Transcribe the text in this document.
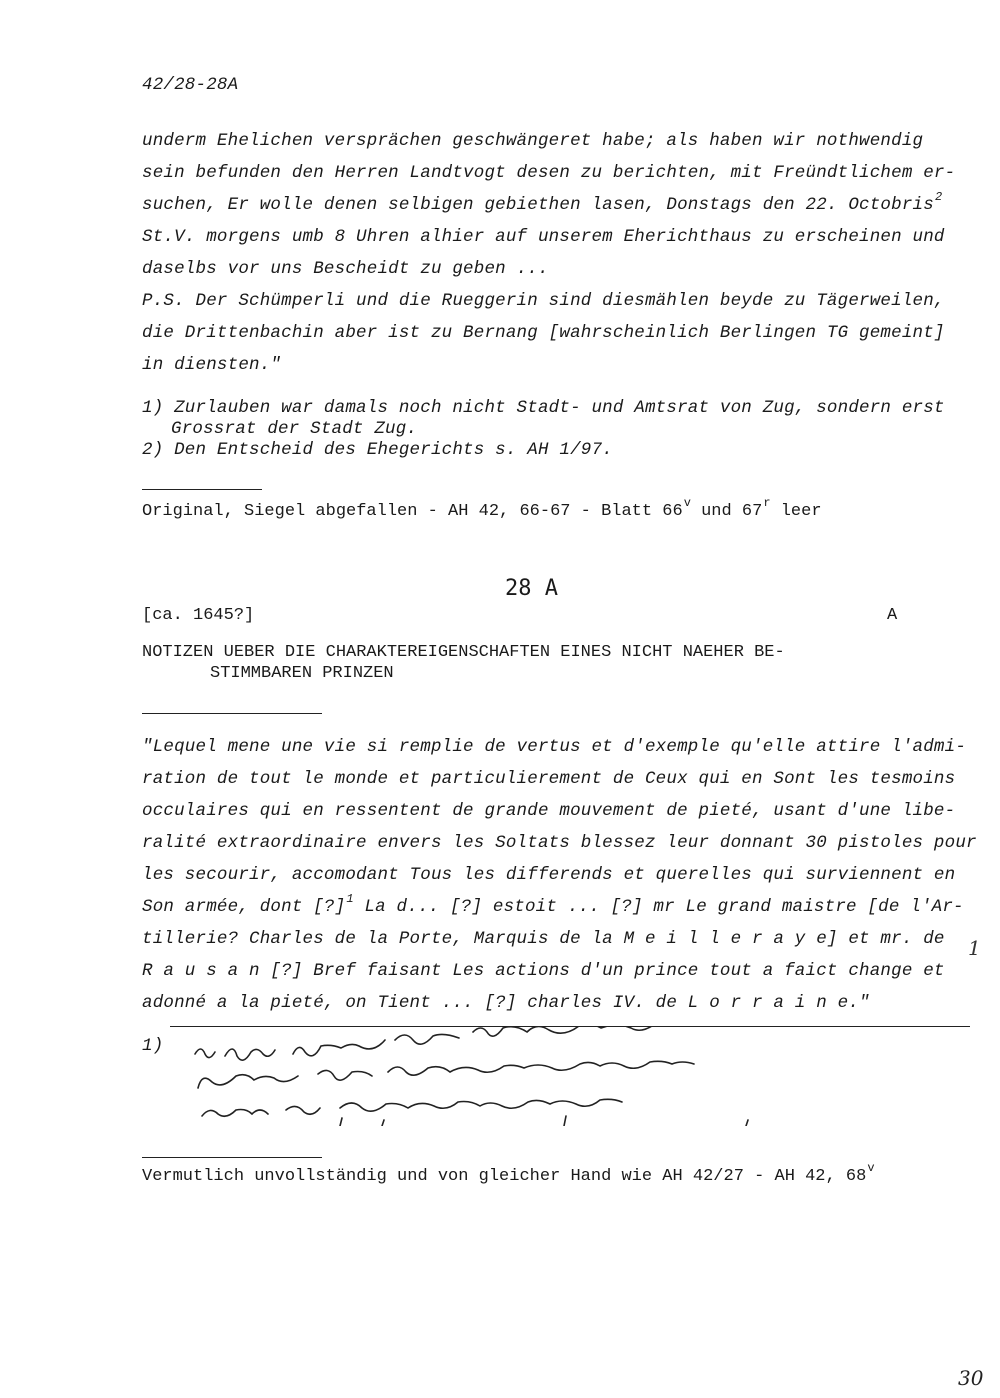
42/28-28A
underm Ehelichen versprächen geschwängeret habe; als haben wir nothwendig
sein befunden den Herren Landtvogt desen zu berichten, mit Freündtlichem er-
suchen, Er wolle denen selbigen gebiethen lasen, Donstags den 22. Octobris$^2$
St.V. morgens umb 8 Uhren alhier auf unserem Eherichthaus zu erscheinen und
daselbs vor uns Bescheidt zu geben ...
P.S. Der Schümperli und die Rueggerin sind diesmählen beyde zu Tägerweilen,
die Drittenbachin aber ist zu Bernang [wahrscheinlich Berlingen TG gemeint]
in diensten."
1) Zurlauben war damals noch nicht Stadt- und Amtsrat von Zug, sondern erst
Grossrat der Stadt Zug.
2) Den Entscheid des Ehegerichts s. AH 1/97.
Original, Siegel abgefallen - AH 42, 66-67 - Blatt 66$^v$ und 67$^r$ leer
28 A
[ca. 1645?]	A
NOTIZEN UEBER DIE CHARAKTEREIGENSCHAFTEN EINES NICHT NAEHER BE-
STIMMBAREN PRINZEN
"Lequel mene une vie si remplie de vertus et d'exemple qu'elle attire l'admi-
ration de tout le monde et particulierement de Ceux qui en Sont les tesmoins
occulaires qui en ressentent de grande mouvement de pieté, usant d'une libe-
ralité extraordinaire envers les Soltats blessez leur donnant 30 pistoles pour
les secourir, accomodant Tous les differends et querelles qui surviennent en
Son armée, dont [?]$^1$ La d... [?] estoit ... [?] mr Le grand maistre [de l'Ar-
tillerie? Charles de la Porte, Marquis de la M e i l l e r a y e] et mr. de
R a u s a n [?] Bref faisant Les actions d'un prince tout a faict change et
adonné a la pieté, on Tient ... [?] charles IV. de L o r r a i n e."
1
1)
Vermutlich unvollständig und von gleicher Hand wie AH 42/27 - AH 42, 68$^v$
30
